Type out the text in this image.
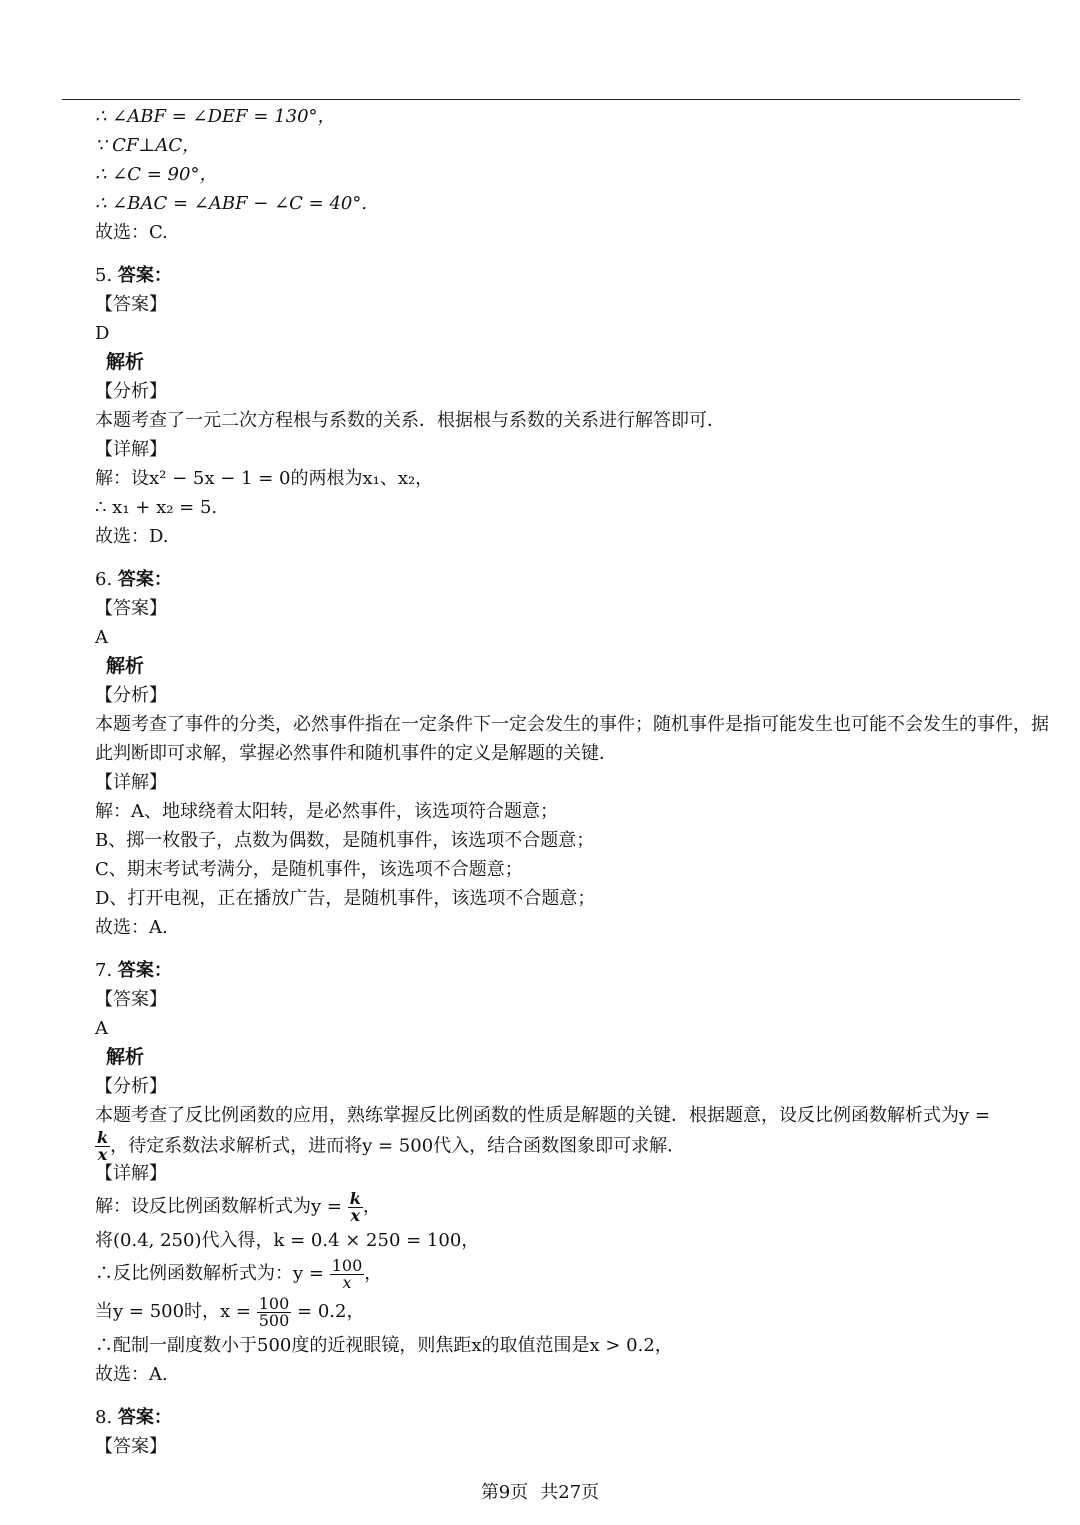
∴ ∠ABF = ∠DEF = 130°，
∵ CF⊥AC，
∴ ∠C = 90°，
∴ ∠BAC = ∠ABF − ∠C = 40°.
故选：C.
5. 答案：
【答案】
D
解析
【分析】
本题考查了一元二次方程根与系数的关系．根据根与系数的关系进行解答即可．
【详解】
解：设x² − 5x − 1 = 0的两根为x₁、x₂，
∴ x₁ + x₂ = 5.
故选：D.
6. 答案：
【答案】
A
解析
【分析】
本题考查了事件的分类，必然事件指在一定条件下一定会发生的事件；随机事件是指可能发生也可能不会发生的事件，据此判断即可求解，掌握必然事件和随机事件的定义是解题的关键．
【详解】
解：A、地球绕着太阳转，是必然事件，该选项符合题意；
B、掷一枚骰子，点数为偶数，是随机事件，该选项不合题意；
C、期末考试考满分，是随机事件，该选项不合题意；
D、打开电视，正在播放广告，是随机事件，该选项不合题意；
故选：A.
7. 答案：
【答案】
A
解析
【分析】
本题考查了反比例函数的应用，熟练掌握反比例函数的性质是解题的关键．根据题意，设反比例函数解析式为y =
$\frac{k}{x}$ ，待定系数法求解析式，进而将y = 500代入，结合函数图象即可求解．
【详解】
解：设反比例函数解析式为$y = \frac{k}{x}$ ，
将(0.4, 250)代入得，k = 0.4 × 250 = 100，
∴反比例函数解析式为：$y = \frac{100}{x}$ ，
当y = 500时，$x = \frac{100}{500} = 0.2$，
∴配制一副度数小于500度的近视眼镜，则焦距x的取值范围是x > 0.2，
故选：A.
8. 答案：
【答案】
第9页 共27页
